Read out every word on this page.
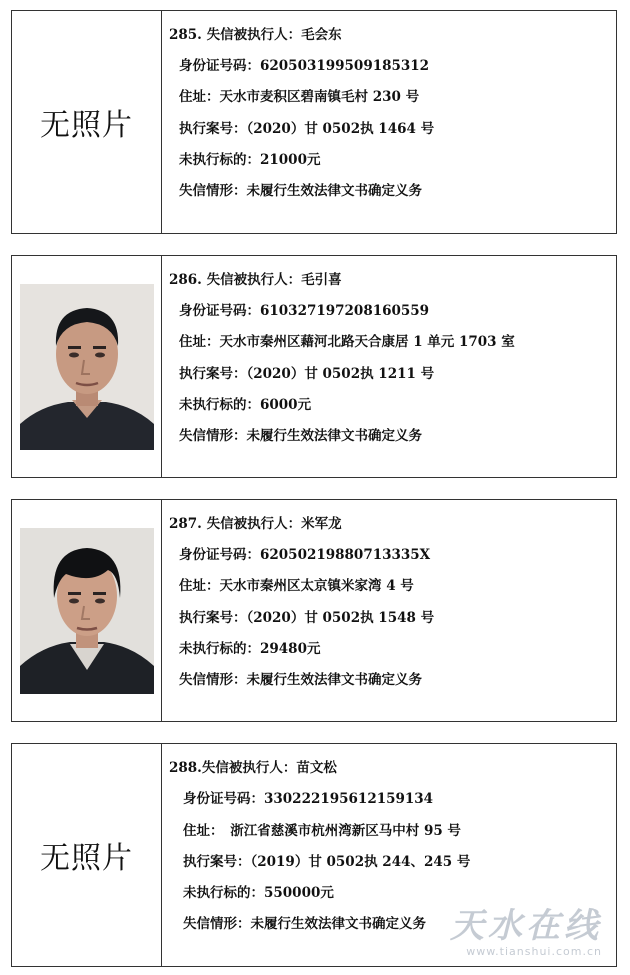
无照片
285. 失信被执行人：毛会东
身份证号码：620503199509185312
住址：天水市麦积区碧南镇毛村 230 号
执行案号：（2020）甘 0502执 1464 号
未执行标的：21000元
失信情形：未履行生效法律文书确定义务
286. 失信被执行人：毛引喜
身份证号码：610327197208160559
住址：天水市秦州区藉河北路天合康居 1 单元 1703 室
执行案号：（2020）甘 0502执 1211 号
未执行标的：6000元
失信情形：未履行生效法律文书确定义务
287. 失信被执行人：米军龙
身份证号码：62050219880713335X
住址：天水市秦州区太京镇米家湾 4 号
执行案号：（2020）甘 0502执 1548 号
未执行标的：29480元
失信情形：未履行生效法律文书确定义务
无照片
288.失信被执行人：苗文松
身份证号码：330222195612159134
住址：　浙江省慈溪市杭州湾新区马中村 95 号
执行案号：（2019）甘 0502执 244、245 号
未执行标的：550000元
失信情形：未履行生效法律文书确定义务 天水在线
www.tianshui.com.cn
